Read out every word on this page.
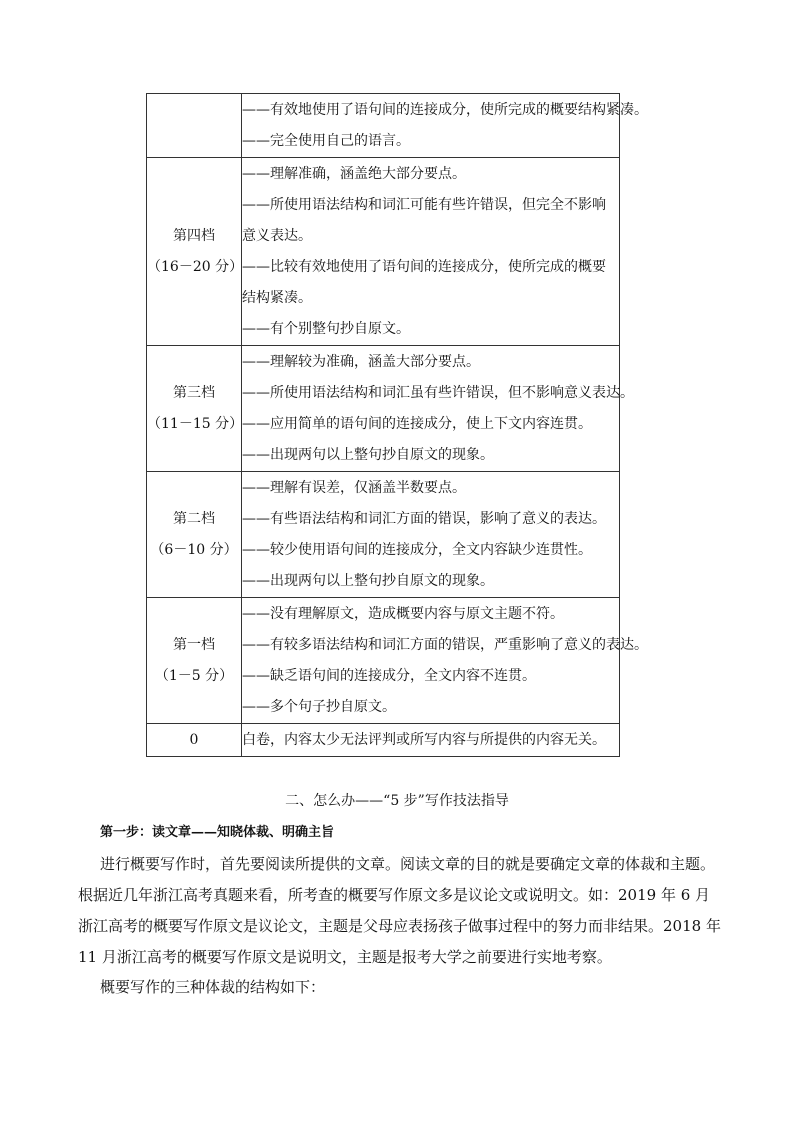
	——有效地使用了语句间的连接成分，使所完成的概要结构紧凑。
——完全使用自己的语言。

第四档
（16－20 分）	——理解准确，涵盖绝大部分要点。
——所使用语法结构和词汇可能有些许错误，但完全不影响意义表达。
——比较有效地使用了语句间的连接成分，使所完成的概要结构紧凑。
——有个别整句抄自原文。

第三档
（11－15 分）	——理解较为准确，涵盖大部分要点。
——所使用语法结构和词汇虽有些许错误，但不影响意义表达。
——应用简单的语句间的连接成分，使上下文内容连贯。
——出现两句以上整句抄自原文的现象。

第二档
（6－10 分）	——理解有误差，仅涵盖半数要点。
——有些语法结构和词汇方面的错误，影响了意义的表达。
——较少使用语句间的连接成分，全文内容缺少连贯性。
——出现两句以上整句抄自原文的现象。

第一档
（1－5 分）	——没有理解原文，造成概要内容与原文主题不符。
——有较多语法结构和词汇方面的错误，严重影响了意义的表达。
——缺乏语句间的连接成分，全文内容不连贯。
——多个句子抄自原文。

0	白卷，内容太少无法评判或所写内容与所提供的内容无关。
二、怎么办——“5 步”写作技法指导
第一步：读文章——知晓体裁、明确主旨

进行概要写作时，首先要阅读所提供的文章。阅读文章的目的就是要确定文章的体裁和主题。根据近几年浙江高考真题来看，所考查的概要写作原文多是议论文或说明文。如：2019 年 6 月浙江高考的概要写作原文是议论文，主题是父母应表扬孩子做事过程中的努力而非结果。2018 年 11 月浙江高考的概要写作原文是说明文，主题是报考大学之前要进行实地考察。

概要写作的三种体裁的结构如下：
